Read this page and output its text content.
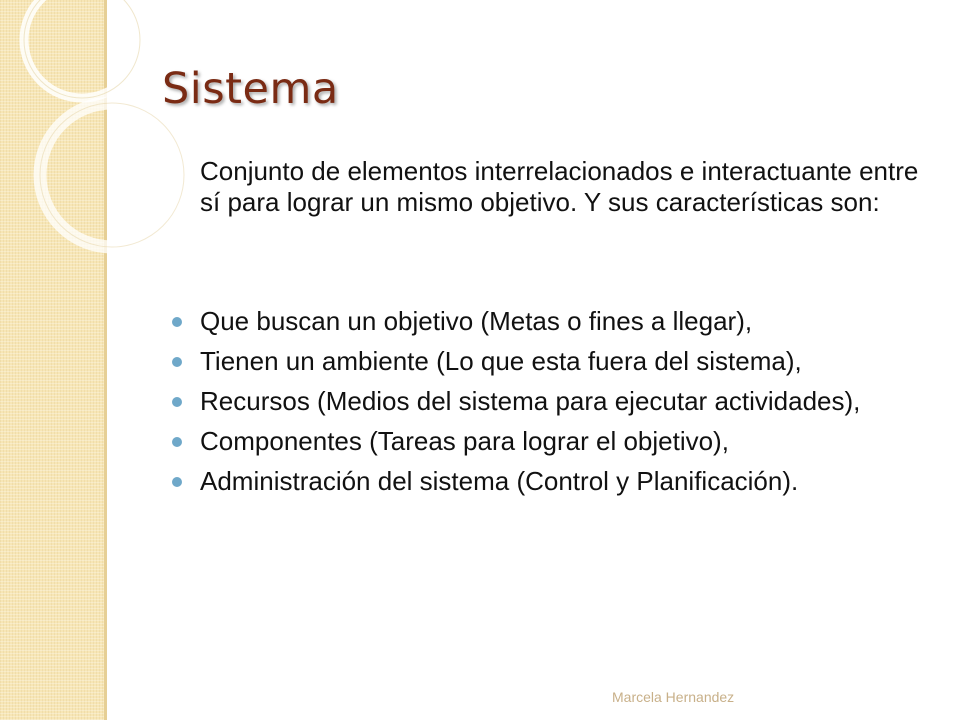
Sistema

Conjunto de elementos interrelacionados e interactuante entre sí para lograr un mismo objetivo. Y sus características son:

Que buscan un objetivo (Metas o fines a llegar),
Tienen un ambiente (Lo que esta fuera del sistema),
Recursos (Medios del sistema para ejecutar actividades),
Componentes (Tareas para lograr el objetivo),
Administración del sistema (Control y Planificación).
Marcela Hernandez
